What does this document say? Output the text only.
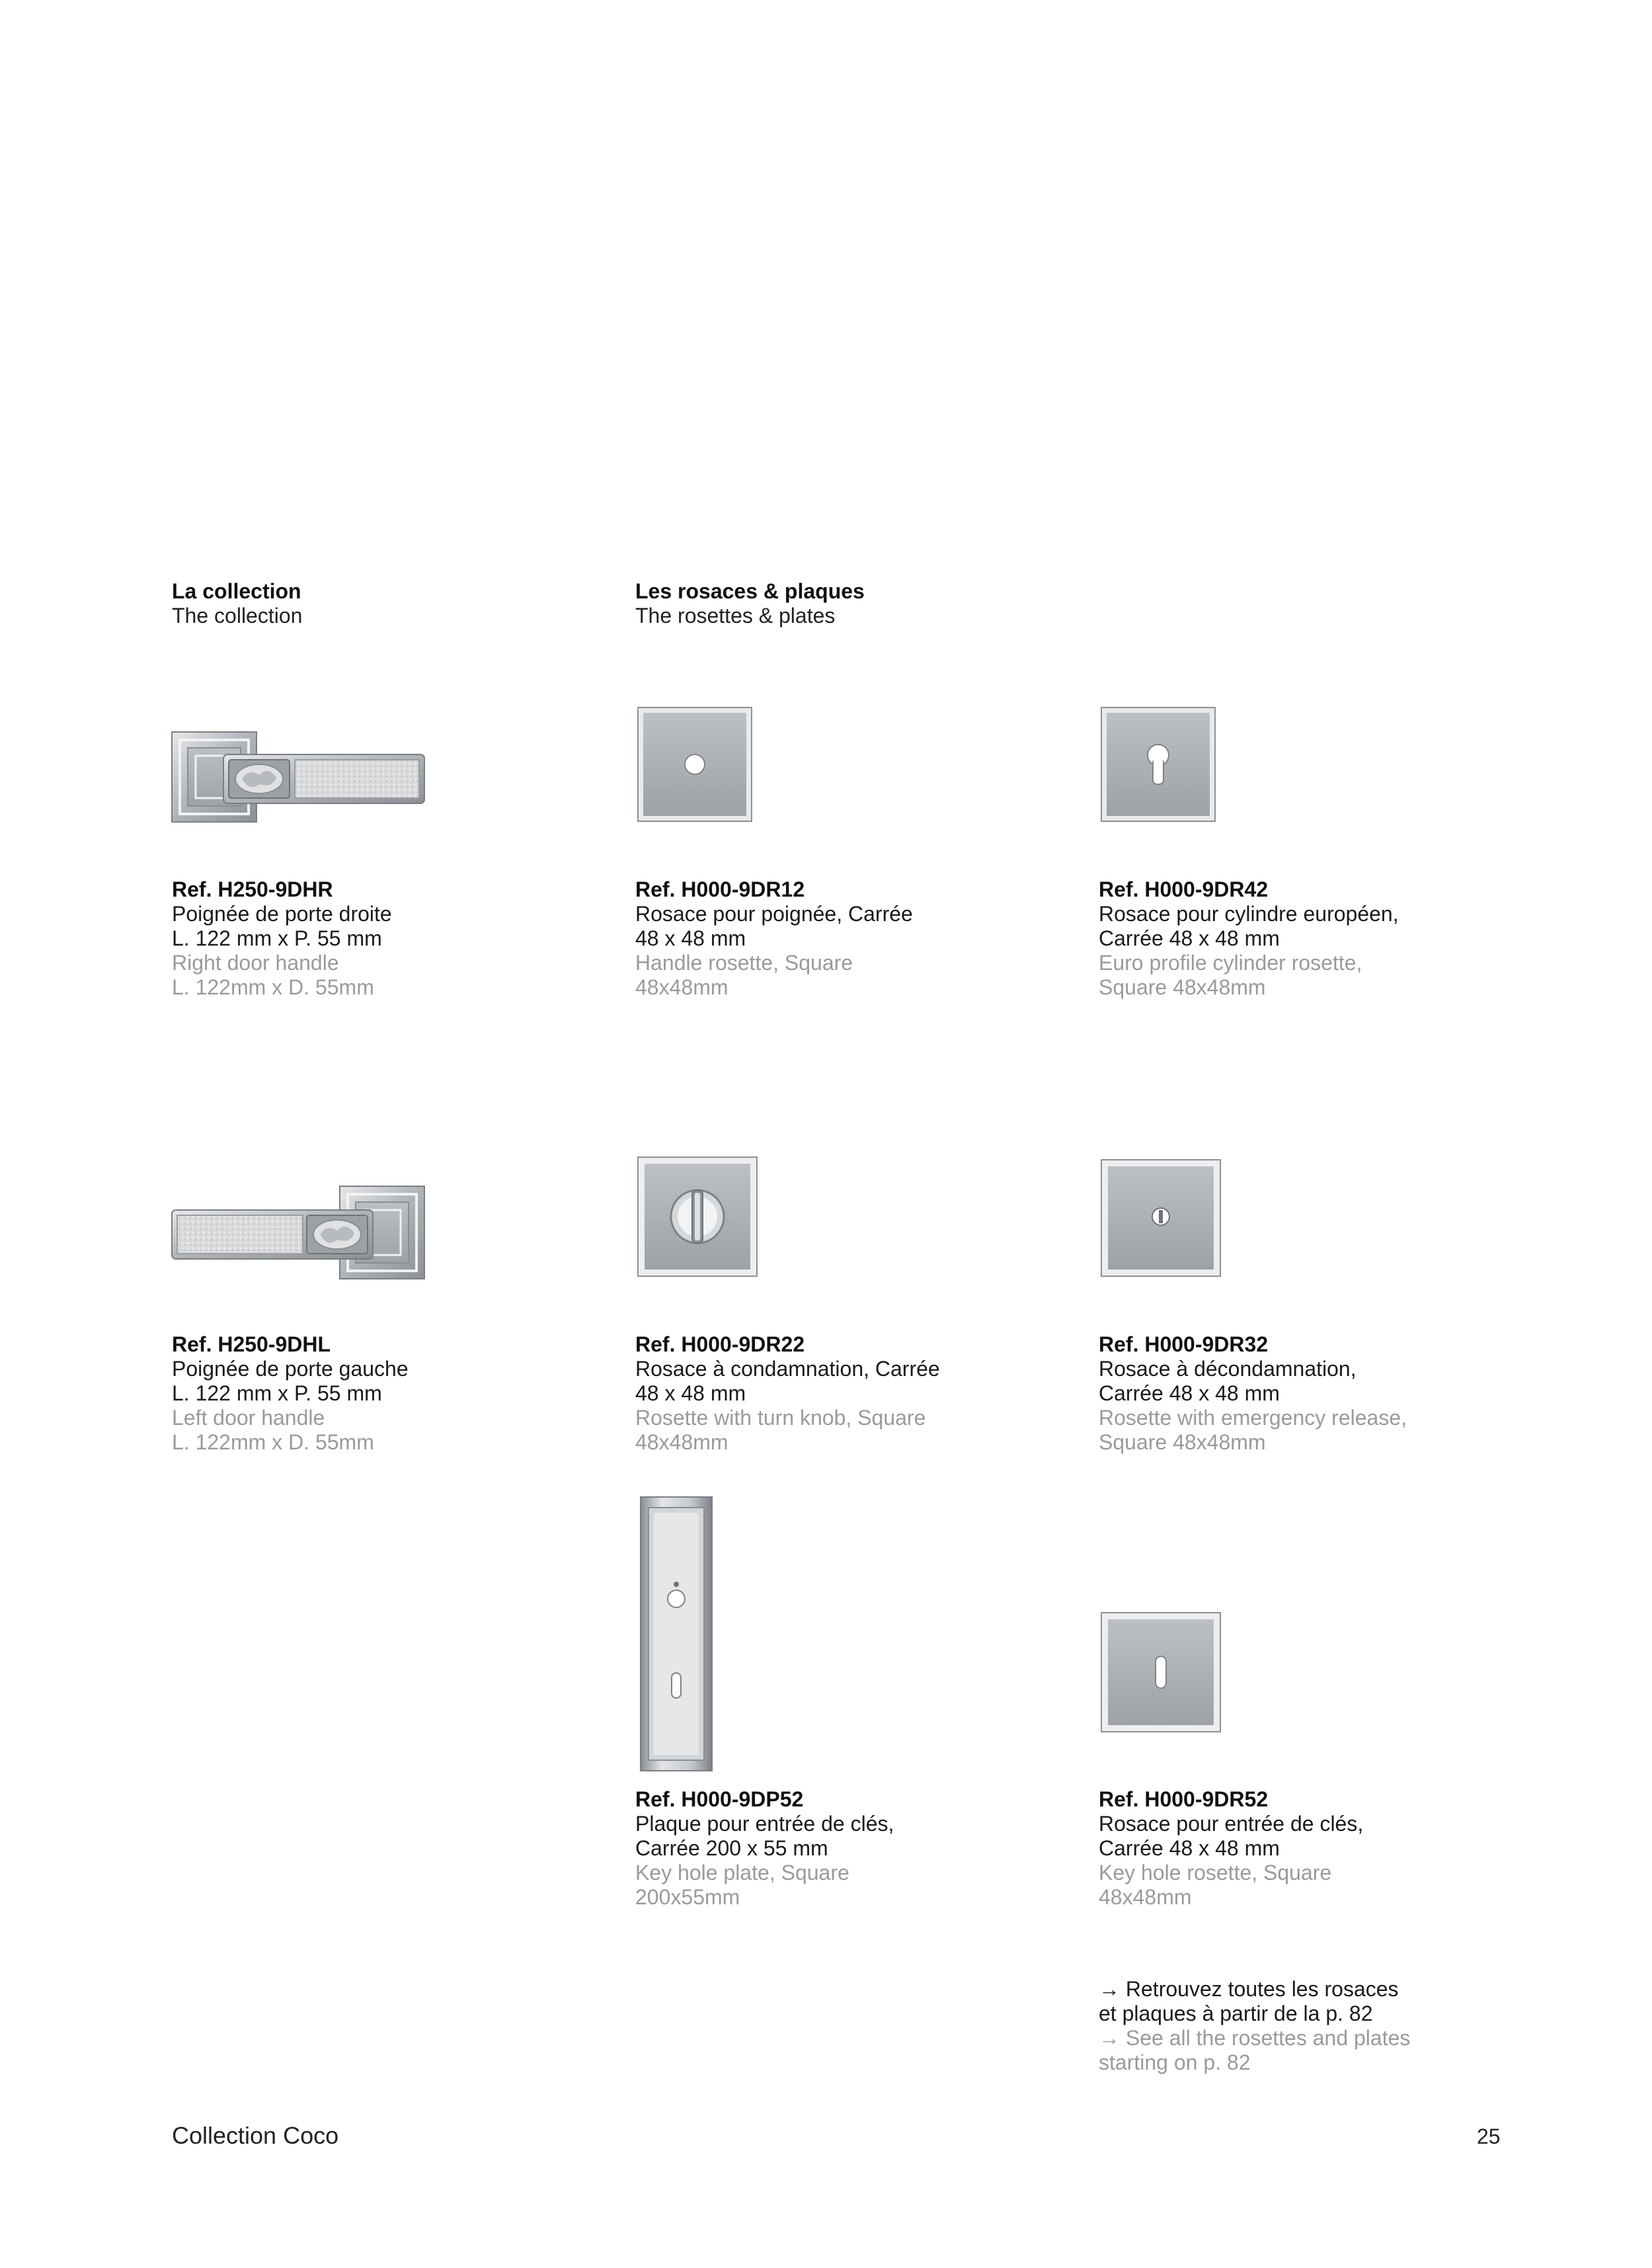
La collection
The collection
Les rosaces & plaques
The rosettes & plates
Ref. H250-9DHR
Poignée de porte droite
L. 122 mm x P. 55 mm
Right door handle
L. 122mm x D. 55mm
Ref. H000-9DR12
Rosace pour poignée, Carrée
48 x 48 mm
Handle rosette, Square
48x48mm
Ref. H000-9DR42
Rosace pour cylindre européen,
Carrée 48 x 48 mm
Euro profile cylinder rosette,
Square 48x48mm
Ref. H250-9DHL
Poignée de porte gauche
L. 122 mm x P. 55 mm
Left door handle
L. 122mm x D. 55mm
Ref. H000-9DR22
Rosace à condamnation, Carrée
48 x 48 mm
Rosette with turn knob, Square
48x48mm
Ref. H000-9DR32
Rosace à décondamnation,
Carrée 48 x 48 mm
Rosette with emergency release,
Square 48x48mm
Ref. H000-9DP52
Plaque pour entrée de clés,
Carrée 200 x 55 mm
Key hole plate, Square
200x55mm
Ref. H000-9DR52
Rosace pour entrée de clés,
Carrée 48 x 48 mm
Key hole rosette, Square
48x48mm
→ Retrouvez toutes les rosaces
et plaques à partir de la p. 82
→ See all the rosettes and plates
starting on p. 82
Collection Coco	25
